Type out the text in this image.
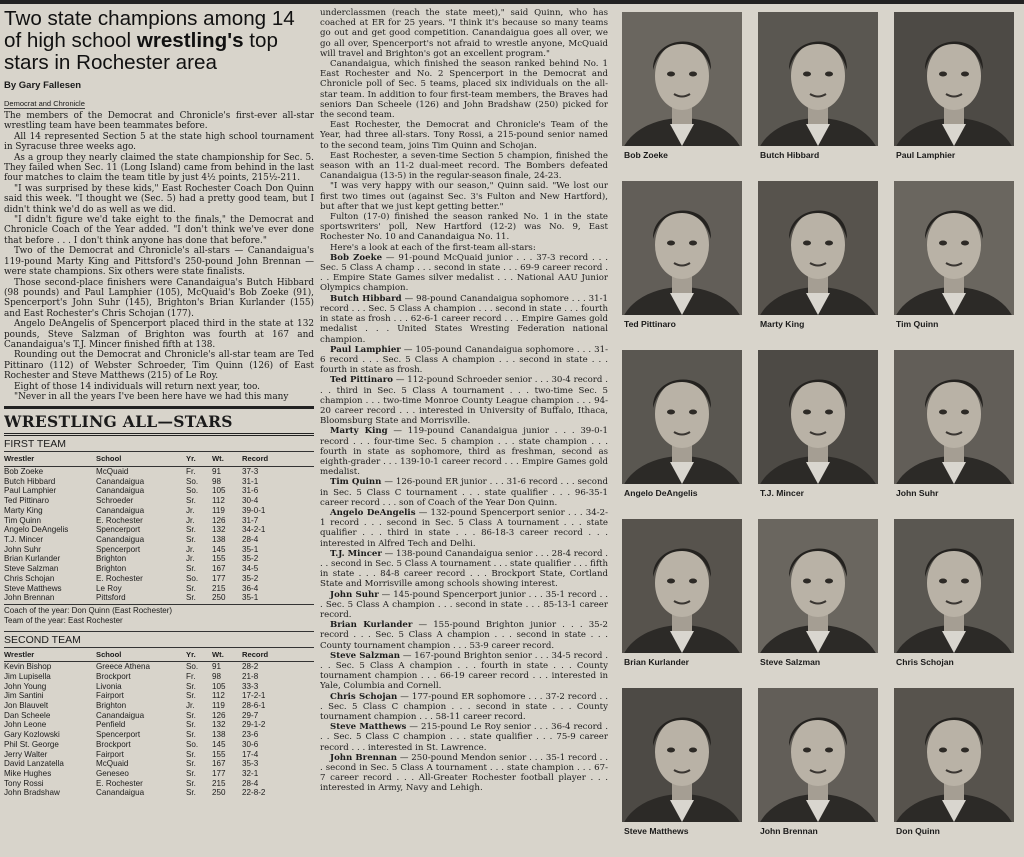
Two state champions among 14 of high school wrestling's top stars in Rochester area
By Gary Fallesen
Democrat and Chronicle

The members of the Democrat and Chronicle's first-ever all-star wrestling team have been teammates before.

All 14 represented Section 5 at the state high school tournament in Syracuse three weeks ago.

As a group they nearly claimed the state championship for Sec. 5. They failed when Sec. 11 (Long Island) came from behind in the last four matches to claim the team title by just 4½ points, 215½-211.

"I was surprised by these kids," East Rochester Coach Don Quinn said this week. "I thought we (Sec. 5) had a pretty good team, but I didn't think we'd do as well as we did.

"I didn't figure we'd take eight to the finals," the Democrat and Chronicle Coach of the Year added. "I don't think we've ever done that before . . . I don't think anyone has done that before."

Two of the Democrat and Chronicle's all-stars — Canandaigua's 119-pound Marty King and Pittsford's 250-pound John Brennan — were state champions. Six others were state finalists.

Those second-place finishers were Canandaigua's Butch Hibbard (98 pounds) and Paul Lamphier (105), McQuaid's Bob Zoeke (91), Spencerport's John Suhr (145), Brighton's Brian Kurlander (155) and East Rochester's Chris Schojan (177).

Angelo DeAngelis of Spencerport placed third in the state at 132 pounds, Steve Salzman of Brighton was fourth at 167 and Canandaigua's T.J. Mincer finished fifth at 138.

Rounding out the Democrat and Chronicle's all-star team are Ted Pittinaro (112) of Webster Schroeder, Tim Quinn (126) of East Rochester and Steve Matthews (215) of Le Roy.

Eight of those 14 individuals will return next year, too.

"Never in all the years I've been here have we had this many

WRESTLING ALL—STARS
FIRST TEAM
Wrestler	School	Yr.	Wt.	Record
Bob Zoeke	McQuaid	Fr.	91	37-3
Butch Hibbard	Canandaigua	So.	98	31-1
Paul Lamphier	Canandaigua	So.	105	31-6
Ted Pittinaro	Schroeder	Sr.	112	30-4
Marty King	Canandaigua	Jr.	119	39-0-1
Tim Quinn	E. Rochester	Jr.	126	31-7
Angelo DeAngelis	Spencerport	Sr.	132	34-2-1
T.J. Mincer	Canandaigua	Sr.	138	28-4
John Suhr	Spencerport	Jr.	145	35-1
Brian Kurlander	Brighton	Jr.	155	35-2
Steve Salzman	Brighton	Sr.	167	34-5
Chris Schojan	E. Rochester	So.	177	35-2
Steve Matthews	Le Roy	Sr.	215	36-4
John Brennan	Pittsford	Sr.	250	35-1
Coach of the year: Don Quinn (East Rochester)
Team of the year: East Rochester
SECOND TEAM
Wrestler	School	Yr.	Wt.	Record
Kevin Bishop	Greece Athena	So.	91	28-2
Jim Lupisella	Brockport	Fr.	98	21-8
John Young	Livonia	Sr.	105	33-3
Jim Santini	Fairport	Sr.	112	17-2-1
Jon Blauvelt	Brighton	Jr.	119	28-6-1
Dan Scheele	Canandaigua	Sr.	126	29-7
John Leone	Penfield	Sr.	132	29-1-2
Gary Kozlowski	Spencerport	Sr.	138	23-6
Phil St. George	Brockport	So.	145	30-6
Jerry Walter	Fairport	Sr.	155	17-4
David Lanzatella	McQuaid	Sr.	167	35-3
Mike Hughes	Geneseo	Sr.	177	32-1
Tony Rossi	E. Rochester	Sr.	215	28-4
John Bradshaw	Canandaigua	Sr.	250	22-8-2

underclassmen (reach the state meet)," said Quinn, who has coached at ER for 25 years. "I think it's because so many teams go out and get good competition. Canandaigua goes all over, we go all over, Spencerport's not afraid to wrestle anyone, McQuaid will travel and Brighton's got an excellent program."

Canandaigua, which finished the season ranked behind No. 1 East Rochester and No. 2 Spencerport in the Democrat and Chronicle poll of Sec. 5 teams, placed six individuals on the all-star team. In addition to four first-team members, the Braves had seniors Dan Scheele (126) and John Bradshaw (250) picked for the second team.

East Rochester, the Democrat and Chronicle's Team of the Year, had three all-stars. Tony Rossi, a 215-pound senior named to the second team, joins Tim Quinn and Schojan.

East Rochester, a seven-time Section 5 champion, finished the season with an 11-2 dual-meet record. The Bombers defeated Canandaigua (13-5) in the regular-season finale, 24-23.

"I was very happy with our season," Quinn said. "We lost our first two times out (against Sec. 3's Fulton and New Hartford), but after that we just kept getting better."

Fulton (17-0) finished the season ranked No. 1 in the state sportswriters' poll, New Hartford (12-2) was No. 9, East Rochester No. 10 and Canandaigua No. 11.

Here's a look at each of the first-team all-stars:

Bob Zoeke — 91-pound McQuaid junior . . . 37-3 record . . . Sec. 5 Class A champ . . . second in state . . . 69-9 career record . . . Empire State Games silver medalist . . . National AAU Junior Olympics champion.

Butch Hibbard — 98-pound Canandaigua sophomore . . . 31-1 record . . . Sec. 5 Class A champion . . . second in state . . . fourth in state as frosh . . . 62-6-1 career record . . . Empire Games gold medalist . . . United States Wresting Federation national champion.

Paul Lamphier — 105-pound Canandaigua sophomore . . . 31-6 record . . . Sec. 5 Class A champion . . . second in state . . . fourth in state as frosh.

Ted Pittinaro — 112-pound Schroeder senior . . . 30-4 record . . . third in Sec. 5 Class A tournament . . . two-time Sec. 5 champion . . . two-time Monroe County League champion . . . 94-20 career record . . . interested in University of Buffalo, Ithaca, Bloomsburg State and Morrisville.

Marty King — 119-pound Canandaigua junior . . . 39-0-1 record . . . four-time Sec. 5 champion . . . state champion . . . fourth in state as sophomore, third as freshman, second as eighth-grader . . . 139-10-1 career record . . . Empire Games gold medalist.

Tim Quinn — 126-pound ER junior . . . 31-6 record . . . second in Sec. 5 Class C tournament . . . state qualifier . . . 96-35-1 career record . . . son of Coach of the Year Don Quinn.

Angelo DeAngelis — 132-pound Spencerport senior . . . 34-2-1 record . . . second in Sec. 5 Class A tournament . . . state qualifier . . . third in state . . . 86-18-3 career record . . . interested in Alfred Tech and Delhi.

T.J. Mincer — 138-pound Canandaigua senior . . . 28-4 record . . . second in Sec. 5 Class A tournament . . . state qualifier . . . fifth in state . . . 84-8 career record . . . Brockport State, Cortland State and Morrisville among schools showing interest.

John Suhr — 145-pound Spencerport junior . . . 35-1 record . . . Sec. 5 Class A champion . . . second in state . . . 85-13-1 career record.

Brian Kurlander — 155-pound Brighton junior . . . 35-2 record . . . Sec. 5 Class A champion . . . second in state . . . County tournament champion . . . 53-9 career record.

Steve Salzman — 167-pound Brighton senior . . . 34-5 record . . . Sec. 5 Class A champion . . . fourth in state . . . County tournament champion . . . 66-19 career record . . . interested in Yale, Columbia and Cornell.

Chris Schojan — 177-pound ER sophomore . . . 37-2 record . . . Sec. 5 Class C champion . . . second in state . . . County tournament champion . . . 58-11 career record.

Steve Matthews — 215-pound Le Roy senior . . . 36-4 record . . . Sec. 5 Class C champion . . . state qualifier . . . 75-9 career record . . . interested in St. Lawrence.

John Brennan — 250-pound Mendon senior . . . 35-1 record . . . second in Sec. 5 Class A tournament . . . state champion . . . 67-7 career record . . . All-Greater Rochester football player . . . interested in Army, Navy and Lehigh.

Bob Zoeke	Butch Hibbard	Paul Lamphier
Ted Pittinaro	Marty King	Tim Quinn
Angelo DeAngelis	T.J. Mincer	John Suhr
Brian Kurlander	Steve Salzman	Chris Schojan
Steve Matthews	John Brennan	Don Quinn
